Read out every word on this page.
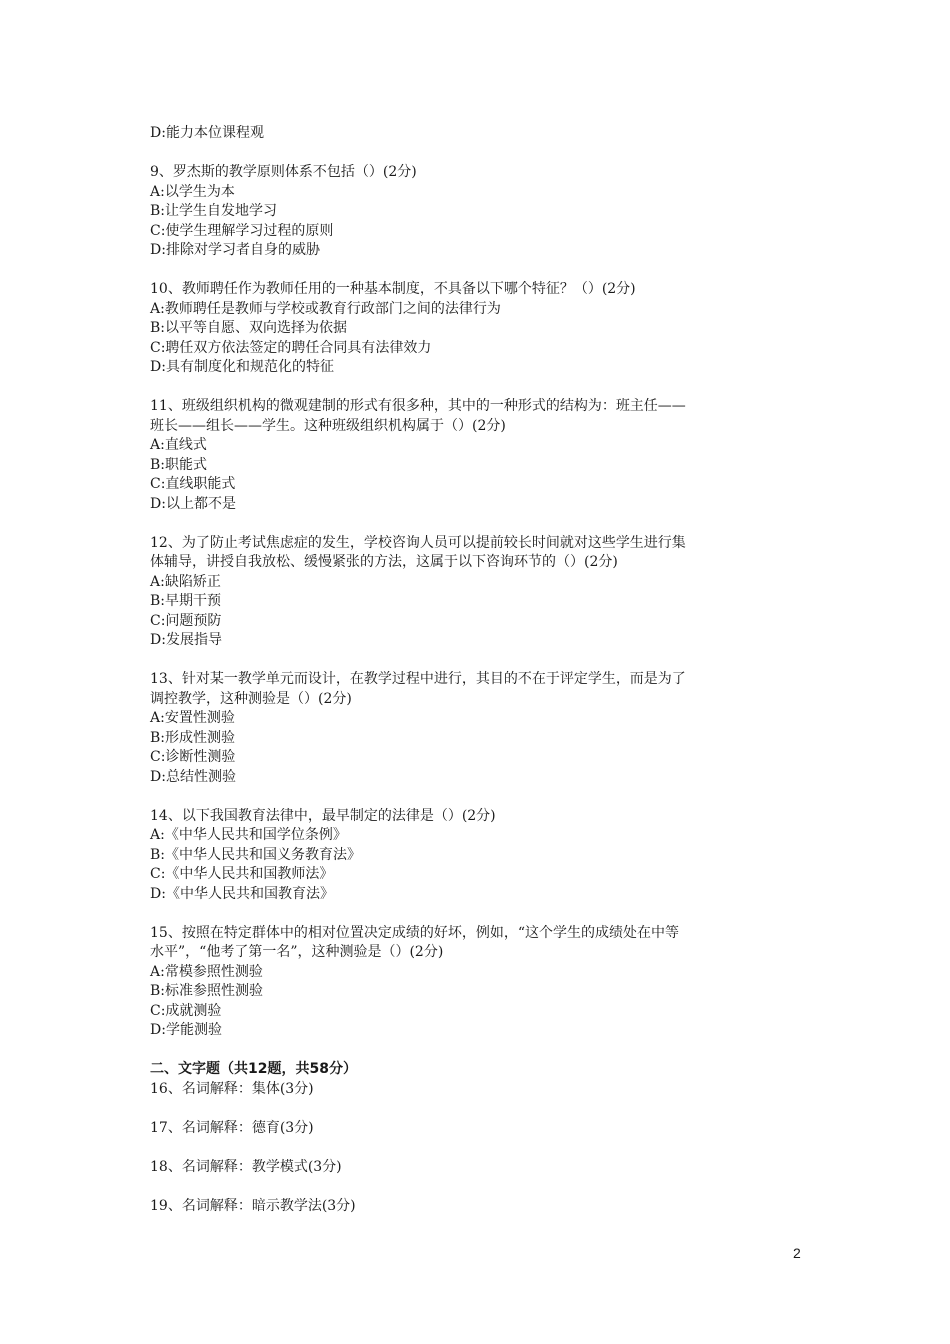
D:能力本位课程观
9、罗杰斯的教学原则体系不包括（）(2分)
A:以学生为本
B:让学生自发地学习
C:使学生理解学习过程的原则
D:排除对学习者自身的威胁
10、教师聘任作为教师任用的一种基本制度，不具备以下哪个特征？（）(2分)
A:教师聘任是教师与学校或教育行政部门之间的法律行为
B:以平等自愿、双向选择为依据
C:聘任双方依法签定的聘任合同具有法律效力
D:具有制度化和规范化的特征
11、班级组织机构的微观建制的形式有很多种，其中的一种形式的结构为：班主任——
班长——组长——学生。这种班级组织机构属于（）(2分)
A:直线式
B:职能式
C:直线职能式
D:以上都不是
12、为了防止考试焦虑症的发生，学校咨询人员可以提前较长时间就对这些学生进行集
体辅导，讲授自我放松、缓慢紧张的方法，这属于以下咨询环节的（）(2分)
A:缺陷矫正
B:早期干预
C:问题预防
D:发展指导
13、针对某一教学单元而设计，在教学过程中进行，其目的不在于评定学生，而是为了
调控教学，这种测验是（）(2分)
A:安置性测验
B:形成性测验
C:诊断性测验
D:总结性测验
14、以下我国教育法律中，最早制定的法律是（）(2分)
A:《中华人民共和国学位条例》
B:《中华人民共和国义务教育法》
C:《中华人民共和国教师法》
D:《中华人民共和国教育法》
15、按照在特定群体中的相对位置决定成绩的好坏，例如，“这个学生的成绩处在中等
水平”，“他考了第一名”，这种测验是（）(2分)
A:常模参照性测验
B:标准参照性测验
C:成就测验
D:学能测验
二、文字题（共12题，共58分）
16、名词解释：集体(3分)
17、名词解释：德育(3分)
18、名词解释：教学模式(3分)
19、名词解释：暗示教学法(3分)
2
